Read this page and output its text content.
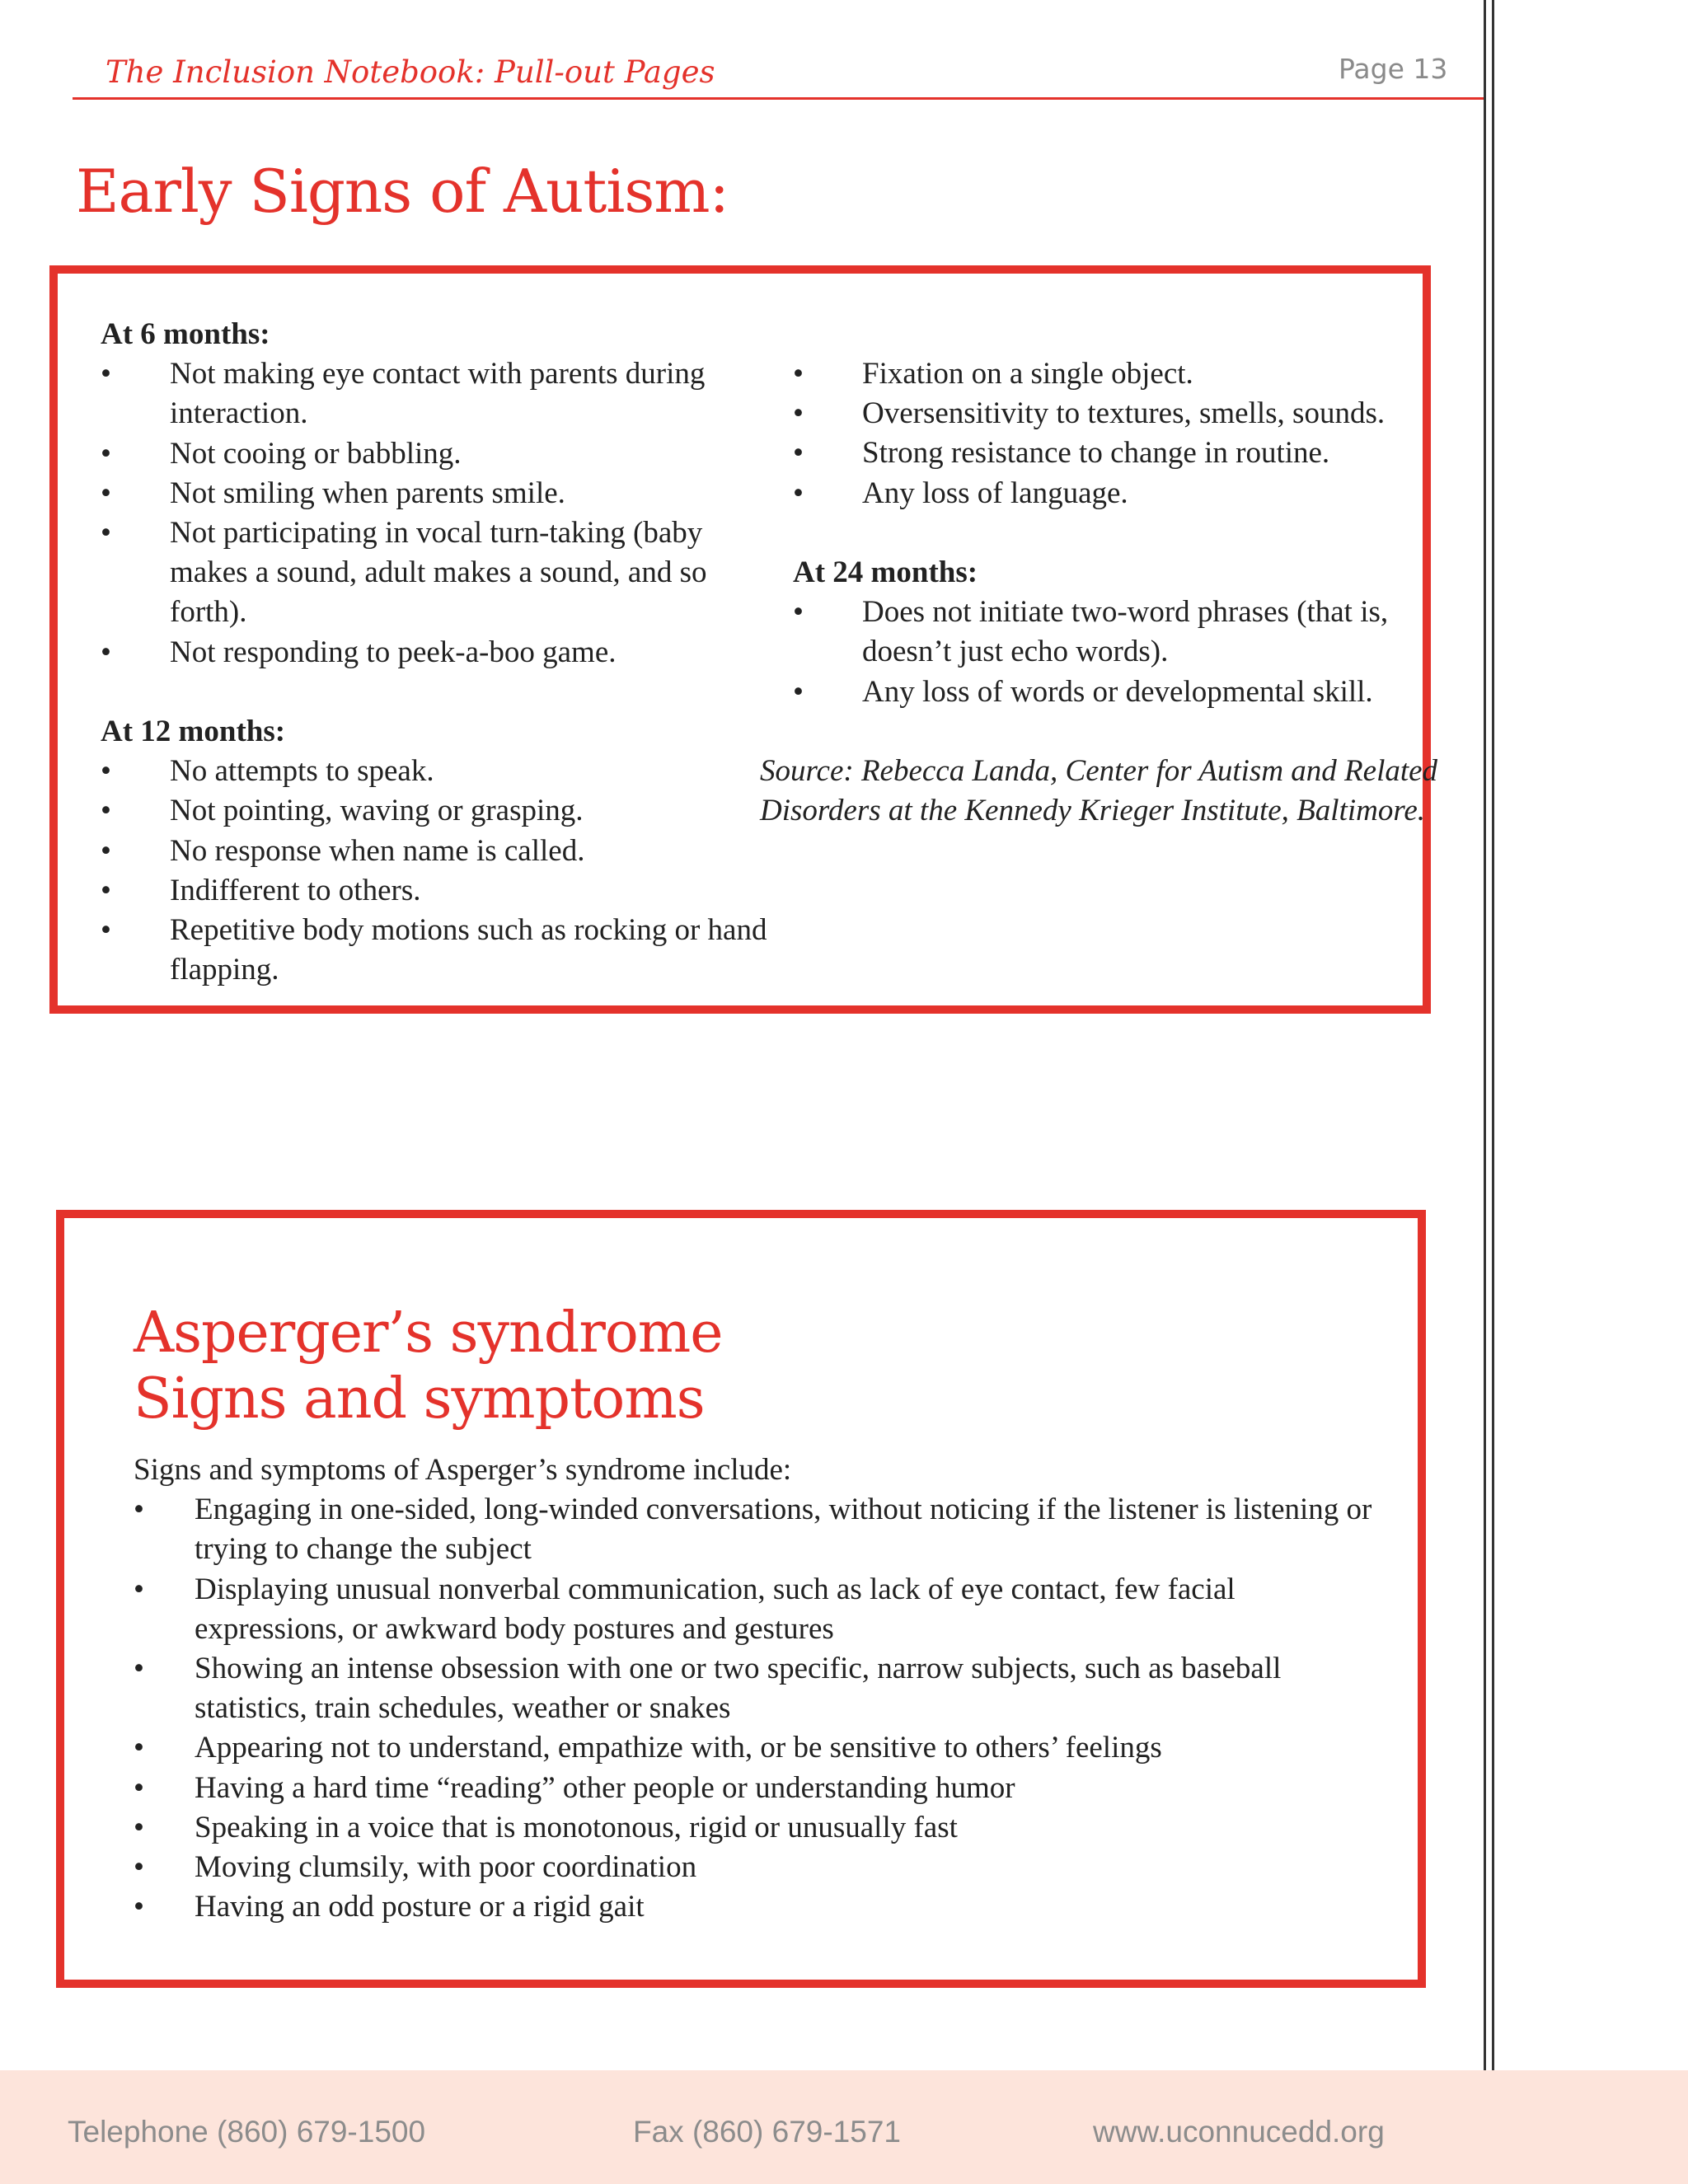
The Inclusion Notebook: Pull-out Pages	Page 13
Early Signs of Autism:

At 6 months:

• Not making eye contact with parents during interaction.
• Not cooing or babbling.
• Not smiling when parents smile.
• Not participating in vocal turn-taking (baby makes a sound, adult makes a sound, and so forth).
• Not responding to peek-a-boo game.

At 12 months:

• No attempts to speak.
• Not pointing, waving or grasping.
• No response when name is called.
• Indifferent to others.
• Repetitive body motions such as rocking or hand flapping.
• Fixation on a single object.
• Oversensitivity to textures, smells, sounds.
• Strong resistance to change in routine.
• Any loss of language.

At 24 months:

• Does not initiate two-word phrases (that is, doesn’t just echo words).
• Any loss of words or developmental skill.
Source: Rebecca Landa, Center for Autism and Related Disorders at the Kennedy Krieger Institute, Baltimore.
Asperger’s syndrome
Signs and symptoms
Signs and symptoms of Asperger’s syndrome include:
• Engaging in one-sided, long-winded conversations, without noticing if the listener is listening or trying to change the subject
• Displaying unusual nonverbal communication, such as lack of eye contact, few facial expressions, or awkward body postures and gestures
• Showing an intense obsession with one or two specific, narrow subjects, such as baseball statistics, train schedules, weather or snakes
• Appearing not to understand, empathize with, or be sensitive to others’ feelings
• Having a hard time “reading” other people or understanding humor
• Speaking in a voice that is monotonous, rigid or unusually fast
• Moving clumsily, with poor coordination
• Having an odd posture or a rigid gait
Telephone (860) 679-1500	Fax (860) 679-1571	www.uconnucedd.org
